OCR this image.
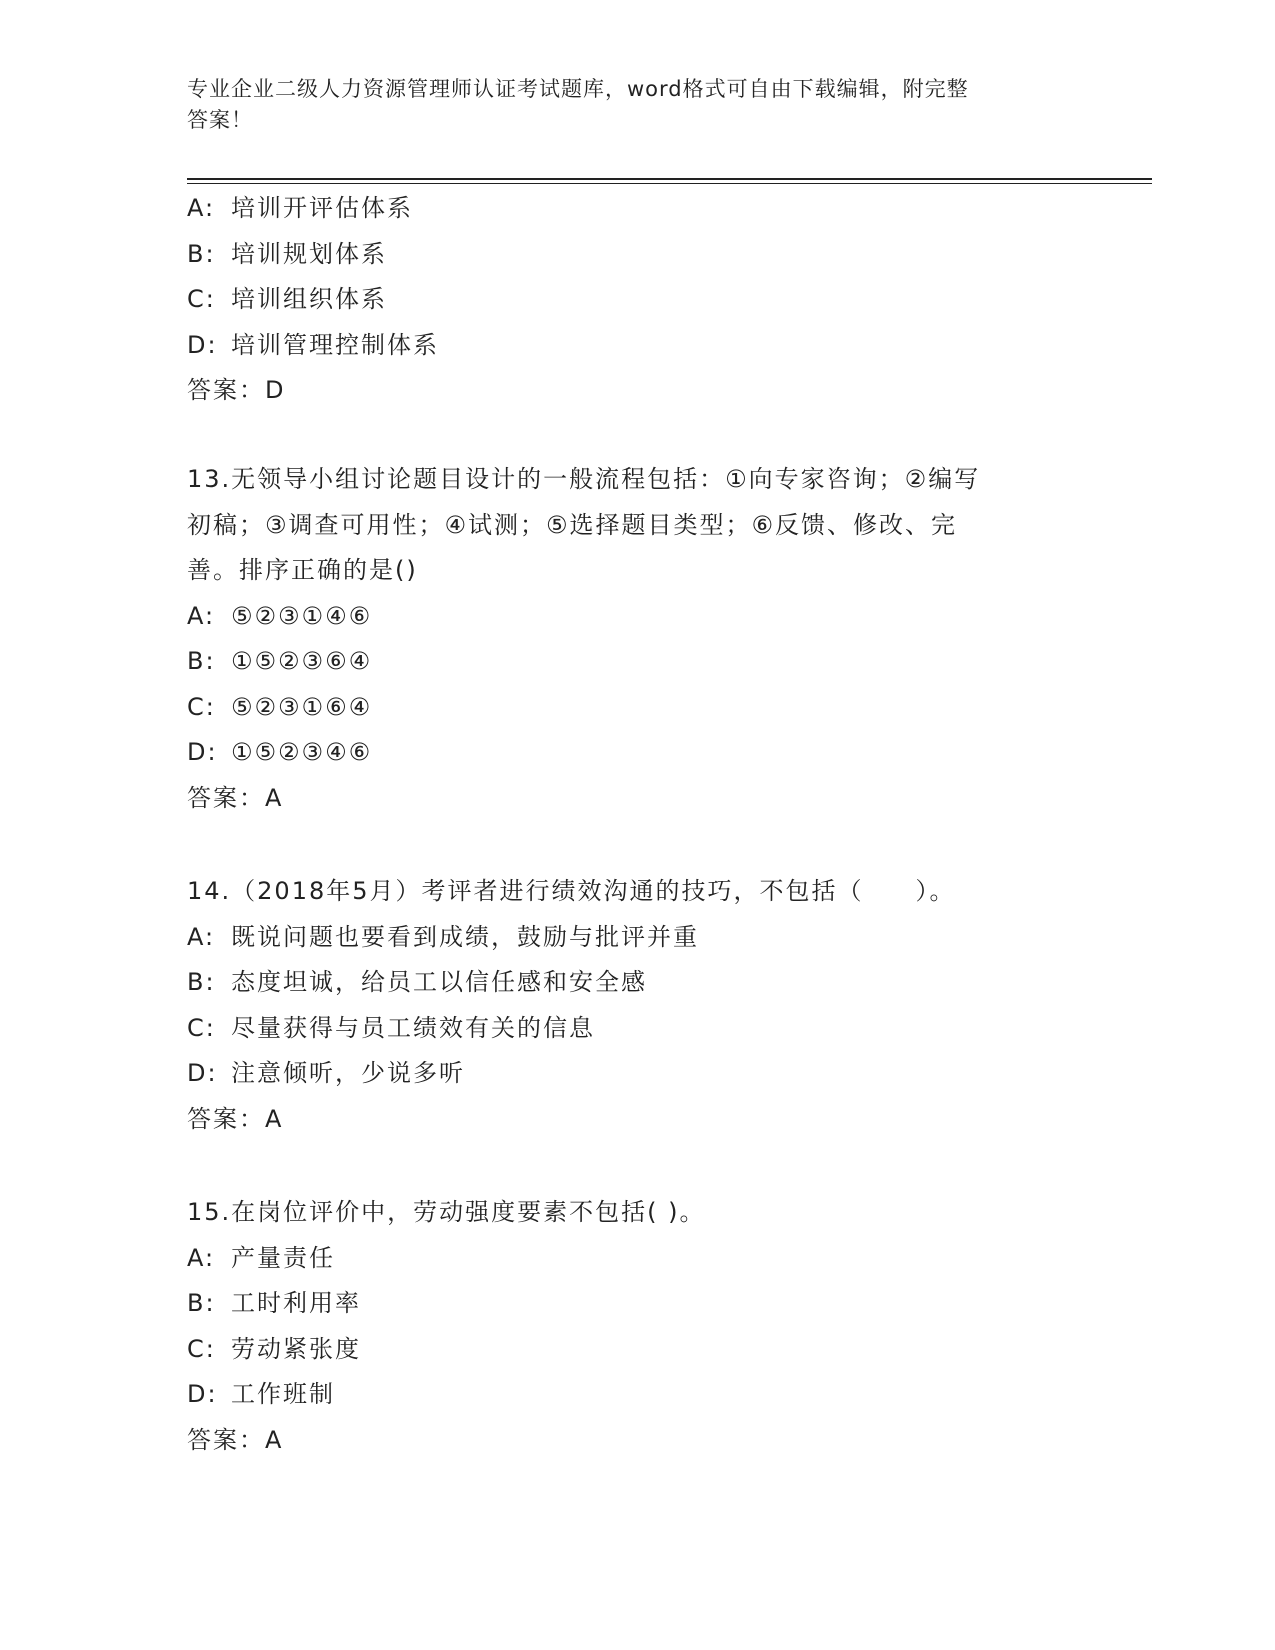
专业企业二级人力资源管理师认证考试题库，word格式可自由下载编辑，附完整
答案！
A: 培训开评估体系
B: 培训规划体系
C: 培训组织体系
D: 培训管理控制体系
答案：D
13.无领导小组讨论题目设计的一般流程包括：①向专家咨询；②编写
初稿；③调查可用性；④试测；⑤选择题目类型；⑥反馈、修改、完
善。排序正确的是()
A: ⑤②③①④⑥
B: ①⑤②③⑥④
C: ⑤②③①⑥④
D: ①⑤②③④⑥
答案：A
14.（2018年5月）考评者进行绩效沟通的技巧，不包括（　　）。
A: 既说问题也要看到成绩，鼓励与批评并重
B: 态度坦诚，给员工以信任感和安全感
C: 尽量获得与员工绩效有关的信息
D: 注意倾听，少说多听
答案：A
15.在岗位评价中，劳动强度要素不包括( )。
A: 产量责任
B: 工时利用率
C: 劳动紧张度
D: 工作班制
答案：A
